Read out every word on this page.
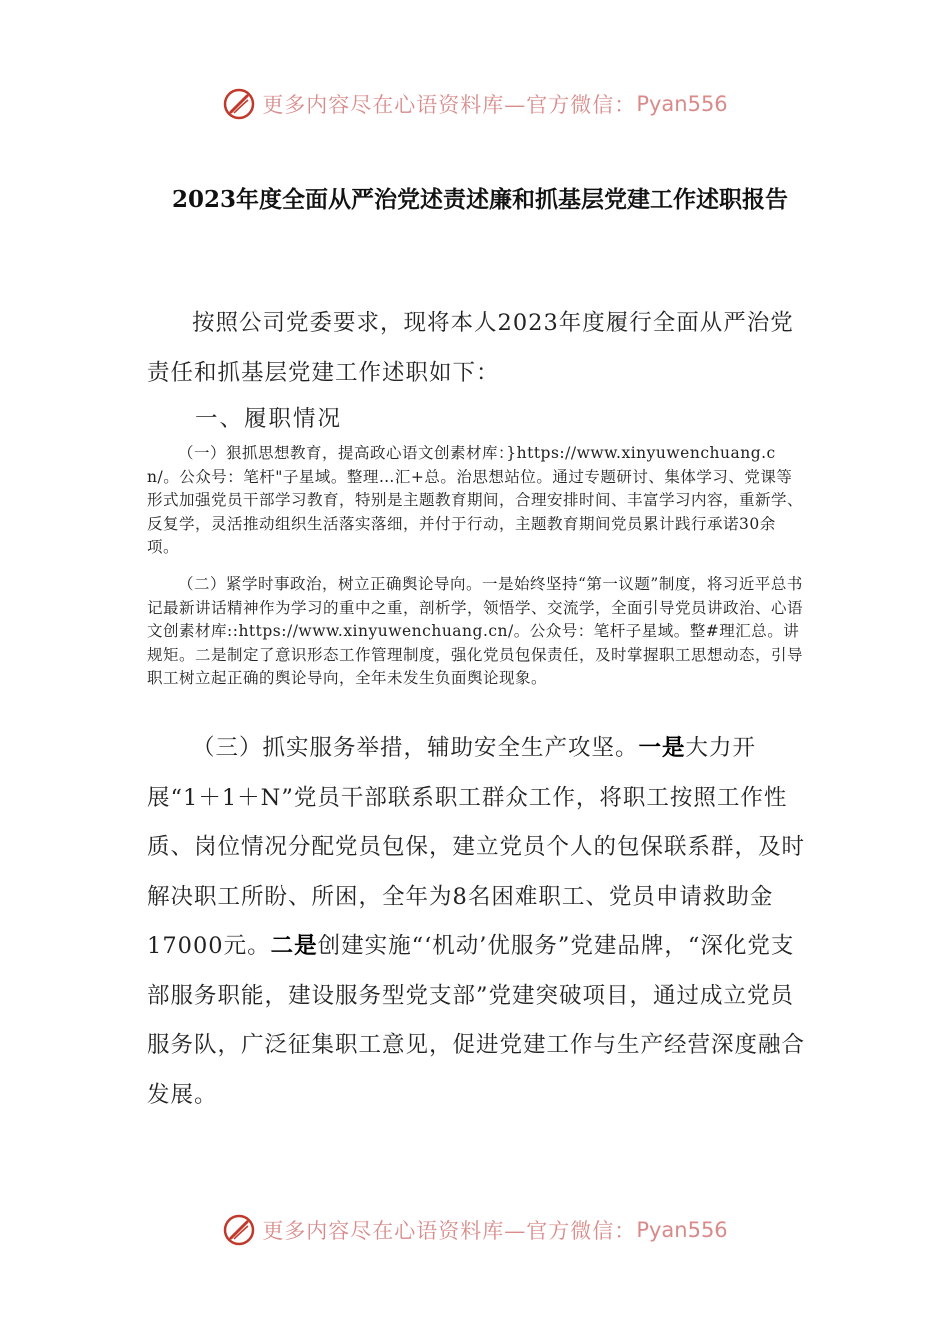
更多内容尽在心语资料库—官方微信： Pyan556
2023年度全面从严治党述责述廉和抓基层党建工作述职报告
按照公司党委要求，现将本人2023年度履行全面从严治党责任和抓基层党建工作述职如下：
一、履职情况
（一）狠抓思想教育，提高政心语文创素材库：}https://www.xinyuwenchuang.cn/。公众号：笔杆"子星域。整理…汇+总。治思想站位。通过专题研讨、集体学习、党课等形式加强党员干部学习教育，特别是主题教育期间，合理安排时间、丰富学习内容，重新学、反复学，灵活推动组织生活落实落细，并付于行动，主题教育期间党员累计践行承诺30余项。
（二）紧学时事政治，树立正确舆论导向。一是始终坚持“第一议题”制度，将习近平总书记最新讲话精神作为学习的重中之重，剖析学，领悟学、交流学，全面引导党员讲政治、心语文创素材库::https://www.xinyuwenchuang.cn/。公众号：笔杆子星域。整#理汇总。讲规矩。二是制定了意识形态工作管理制度，强化党员包保责任，及时掌握职工思想动态，引导职工树立起正确的舆论导向，全年未发生负面舆论现象。
（三）抓实服务举措，辅助安全生产攻坚。一是大力开展“1＋1＋N”党员干部联系职工群众工作，将职工按照工作性质、岗位情况分配党员包保，建立党员个人的包保联系群，及时解决职工所盼、所困，全年为8名困难职工、党员申请救助金17000元。二是创建实施“‘机动’优服务”党建品牌，“深化党支部服务职能，建设服务型党支部”党建突破项目，通过成立党员服务队，广泛征集职工意见，促进党建工作与生产经营深度融合发展。
更多内容尽在心语资料库—官方微信： Pyan556
